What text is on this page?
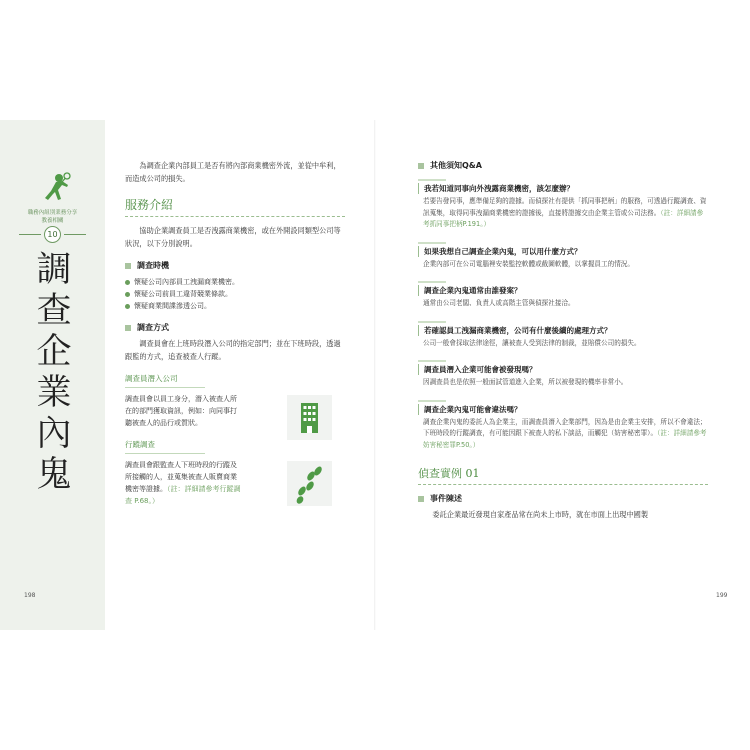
職務內組別業務分享
教養相關
10
調
查
企
業
內
鬼
198

為調查企業內部員工是否有將內部商業機密外流，並從中牟利，而造成公司的損失。

服務介紹

協助企業調查員工是否洩露商業機密，或在外開設同類型公司等狀況，以下分別說明。

調查時機
懷疑公司內部員工洩漏商業機密。
懷疑公司前員工違背競業條款。
懷疑商業間諜滲透公司。
調查方式

調查員會在上班時段潛入公司的指定部門；並在下班時段，透過跟監的方式，追查被查人行蹤。

調查員潛入公司

調查員會以員工身分，潛入被查人所

在的部門獲取資訊，例如：向同事打

聽被查人的品行或質狀。

行蹤調查

調查員會跟監查人下班時段的行蹤及

所接觸的人，並蒐集被查人販賣商業

機密等證據。（註：詳細請參考行蹤調

查 P.68。）

其他須知Q&A
我若知道同事向外洩露商業機密，該怎麼辦？
若要告發同事，應準備足夠的證據。而偵探社有提供「抓同事把柄」的服務，可透過行蹤調查、資訊蒐集，取得同事洩漏商業機密的證據後，直接將證據交由企業主管或公司法務。（註：詳細請參考抓同事把柄P.191。）
如果我想自己調查企業內鬼，可以用什麼方式？
企業內部可在公司電腦裡安裝監控軟體或截圖軟體，以掌握員工的情況。
調查企業內鬼通常由誰發案？
通常由公司老闆、負責人或高階主管與偵探社接洽。
若確認員工洩漏商業機密，公司有什麼後續的處理方式？
公司一般會採取法律途徑，讓被查人受到法律的制裁，並賠償公司的損失。
調查員潛入企業可能會被發現嗎？
因調查員也是依照一般面試管道進入企業，所以被發現的機率非常小。
調查企業內鬼可能會違法嗎？
調查企業內鬼的委託人為企業主，而調查員潛入企業部門，因為是由企業主安排，所以不會違法；下班時段的行蹤調查，有可能因跟下被查人的私下談話，而觸犯（妨害秘密罪）。（註：詳細請參考妨害秘密罪P.50。）
偵查實例 01
事件陳述

委託企業最近發現自家產品常在尚未上市時，就在市面上出現中國製

199
